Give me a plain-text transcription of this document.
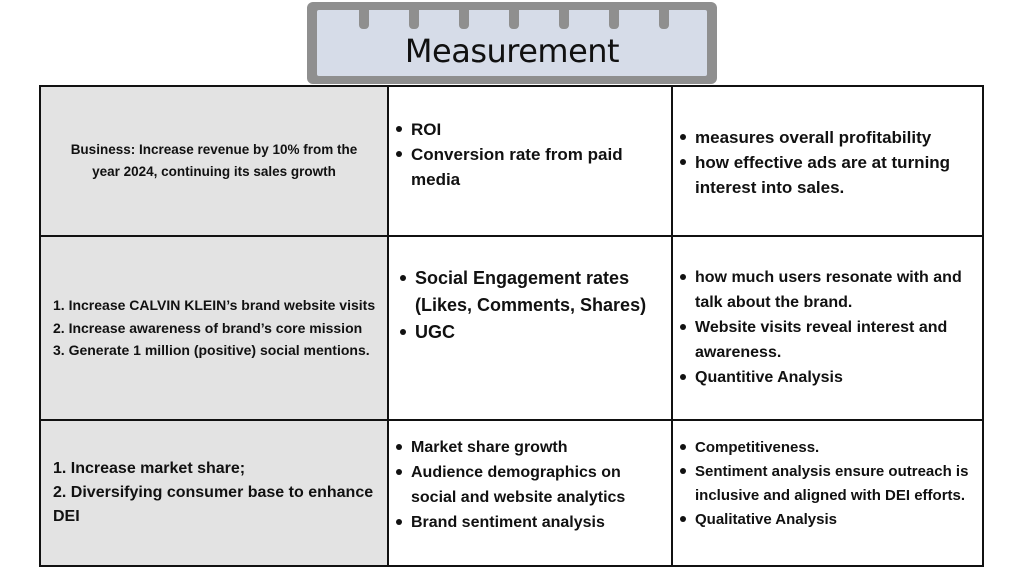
Measurement
Business: Increase revenue by 10% from the
year 2024, continuing its sales growth
ROI
Conversion rate from paid media
measures overall profitability
how effective ads are at turning interest into sales.
1. Increase CALVIN KLEIN’s brand website visits
2. Increase awareness of brand’s core mission
3. Generate 1 million (positive) social mentions.
Social Engagement rates (Likes, Comments, Shares)
UGC
how much users resonate with and talk about the brand.
Website visits reveal interest and awareness.
Quantitive Analysis
1. Increase market share;
2. Diversifying consumer base to enhance DEI
Market share growth
Audience demographics on social and website analytics
Brand sentiment analysis
Competitiveness.
Sentiment analysis ensure outreach is inclusive and aligned with DEI efforts.
Qualitative Analysis
